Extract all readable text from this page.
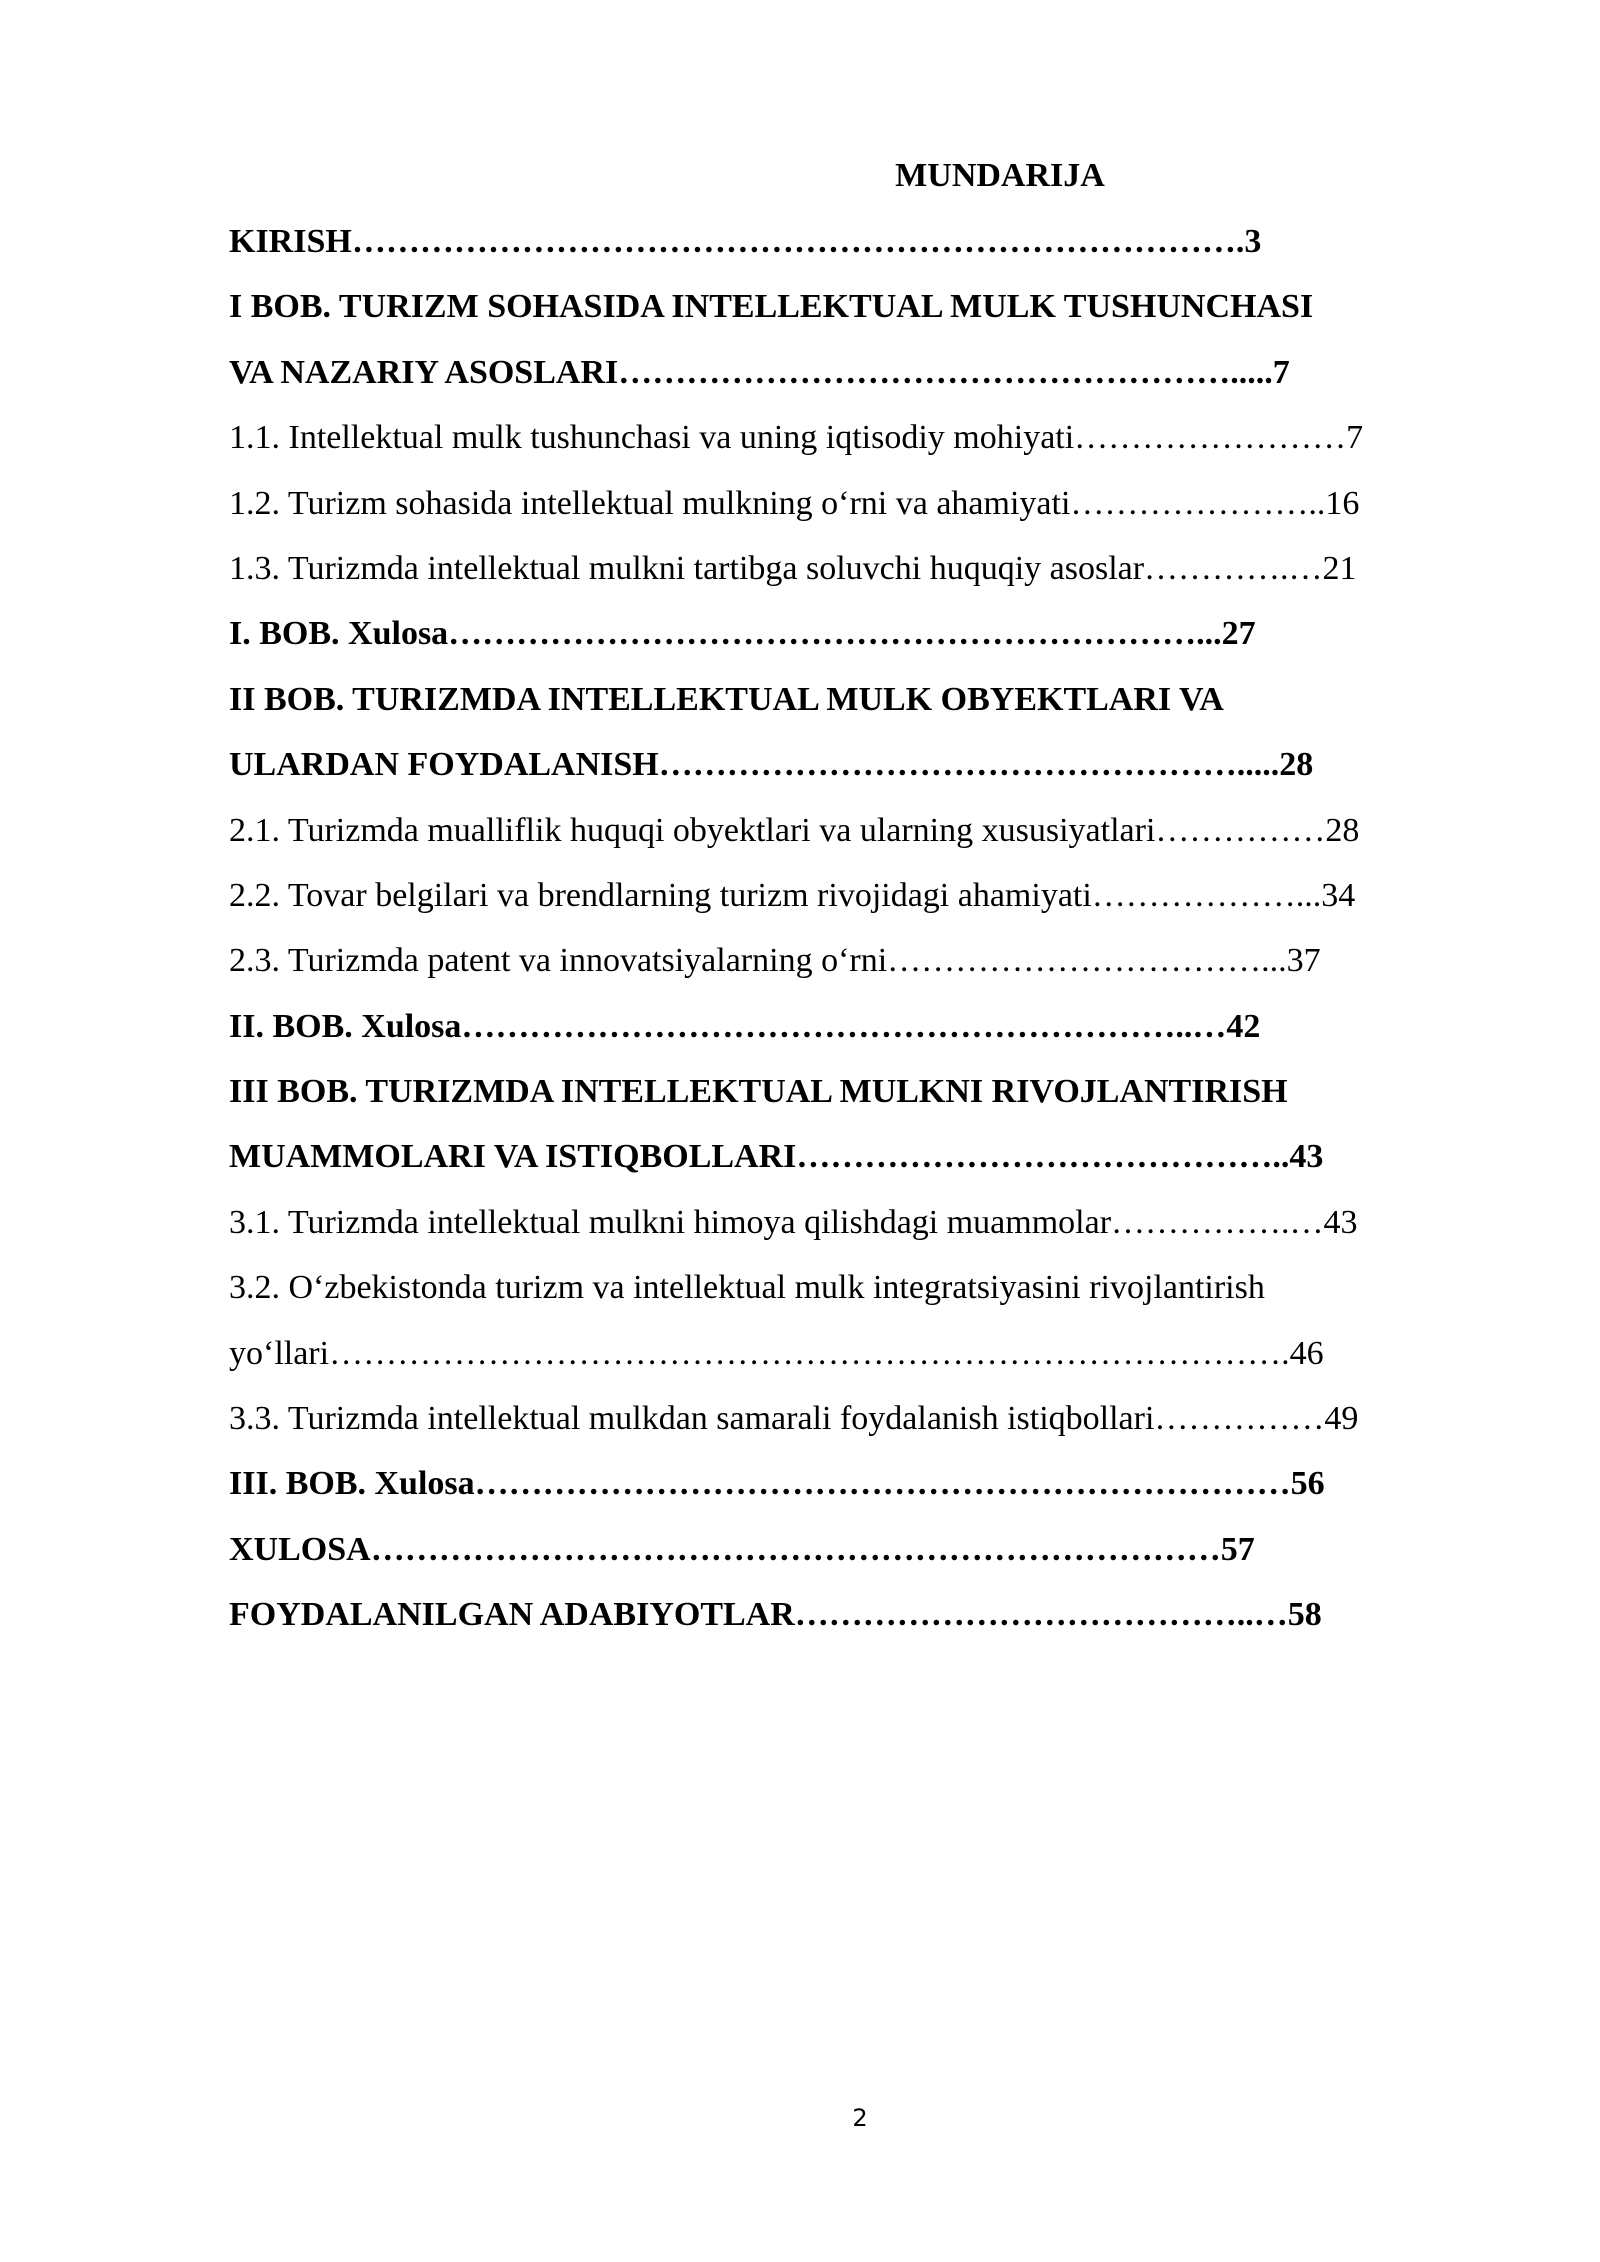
MUNDARIJA
KIRISH…………………………………………………………………….3
I BOB. TURIZM SOHASIDA INTELLEKTUAL MULK TUSHUNCHASI
VA NAZARIY ASOSLARI……………………………………………….....7
1.1. Intellektual mulk tushunchasi va uning iqtisodiy mohiyati……………………7
1.2. Turizm sohasida intellektual mulkning o‘rni va ahamiyati…………………..16
1.3. Turizmda intellektual mulkni tartibga soluvchi huquqiy asoslar………….…21
I. BOB. Xulosa…………………………………………………………...27
II BOB. TURIZMDA INTELLEKTUAL MULK OBYEKTLARI VA
ULARDAN FOYDALANISH…………………………………………….....28
2.1. Turizmda mualliflik huquqi obyektlari va ularning xususiyatlari……………28
2.2. Tovar belgilari va brendlarning turizm rivojidagi ahamiyati………………...34
2.3. Turizmda patent va innovatsiyalarning o‘rni……………………………...37
II. BOB. Xulosa………………………………………………………..…42
III BOB. TURIZMDA INTELLEKTUAL MULKNI RIVOJLANTIRISH
MUAMMOLARI VA ISTIQBOLLARI……………………………………..43
3.1. Turizmda intellektual mulkni himoya qilishdagi muammolar…………….…43
3.2. O‘zbekistonda turizm va intellektual mulk integratsiyasini rivojlantirish
yo‘llari………………………………………………………………………….46
3.3. Turizmda intellektual mulkdan samarali foydalanish istiqbollari……………49
III. BOB. Xulosa………………………………………………………………56
XULOSA…………………………………………………………………57
FOYDALANILGAN ADABIYOTLAR…………………………………..…58
2
